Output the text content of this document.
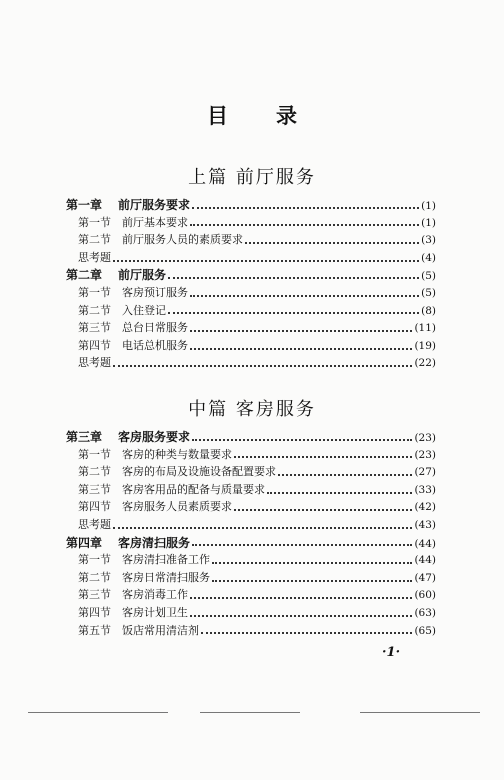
目录
上篇 前厅服务
第一章	前厅服务要求	(1)
第一节	前厅基本要求	(1)
第二节	前厅服务人员的素质要求	(3)
思考题	(4)
第二章	前厅服务	(5)
第一节	客房预订服务	(5)
第二节	入住登记	(8)
第三节	总台日常服务	(11)
第四节	电话总机服务	(19)
思考题	(22)
中篇 客房服务
第三章	客房服务要求	(23)
第一节	客房的种类与数量要求	(23)
第二节	客房的布局及设施设备配置要求	(27)
第三节	客房客用品的配备与质量要求	(33)
第四节	客房服务人员素质要求	(42)
思考题	(43)
第四章	客房清扫服务	(44)
第一节	客房清扫准备工作	(44)
第二节	客房日常清扫服务	(47)
第三节	客房消毒工作	(60)
第四节	客房计划卫生	(63)
第五节	饭店常用清洁剂	(65)
·1·
